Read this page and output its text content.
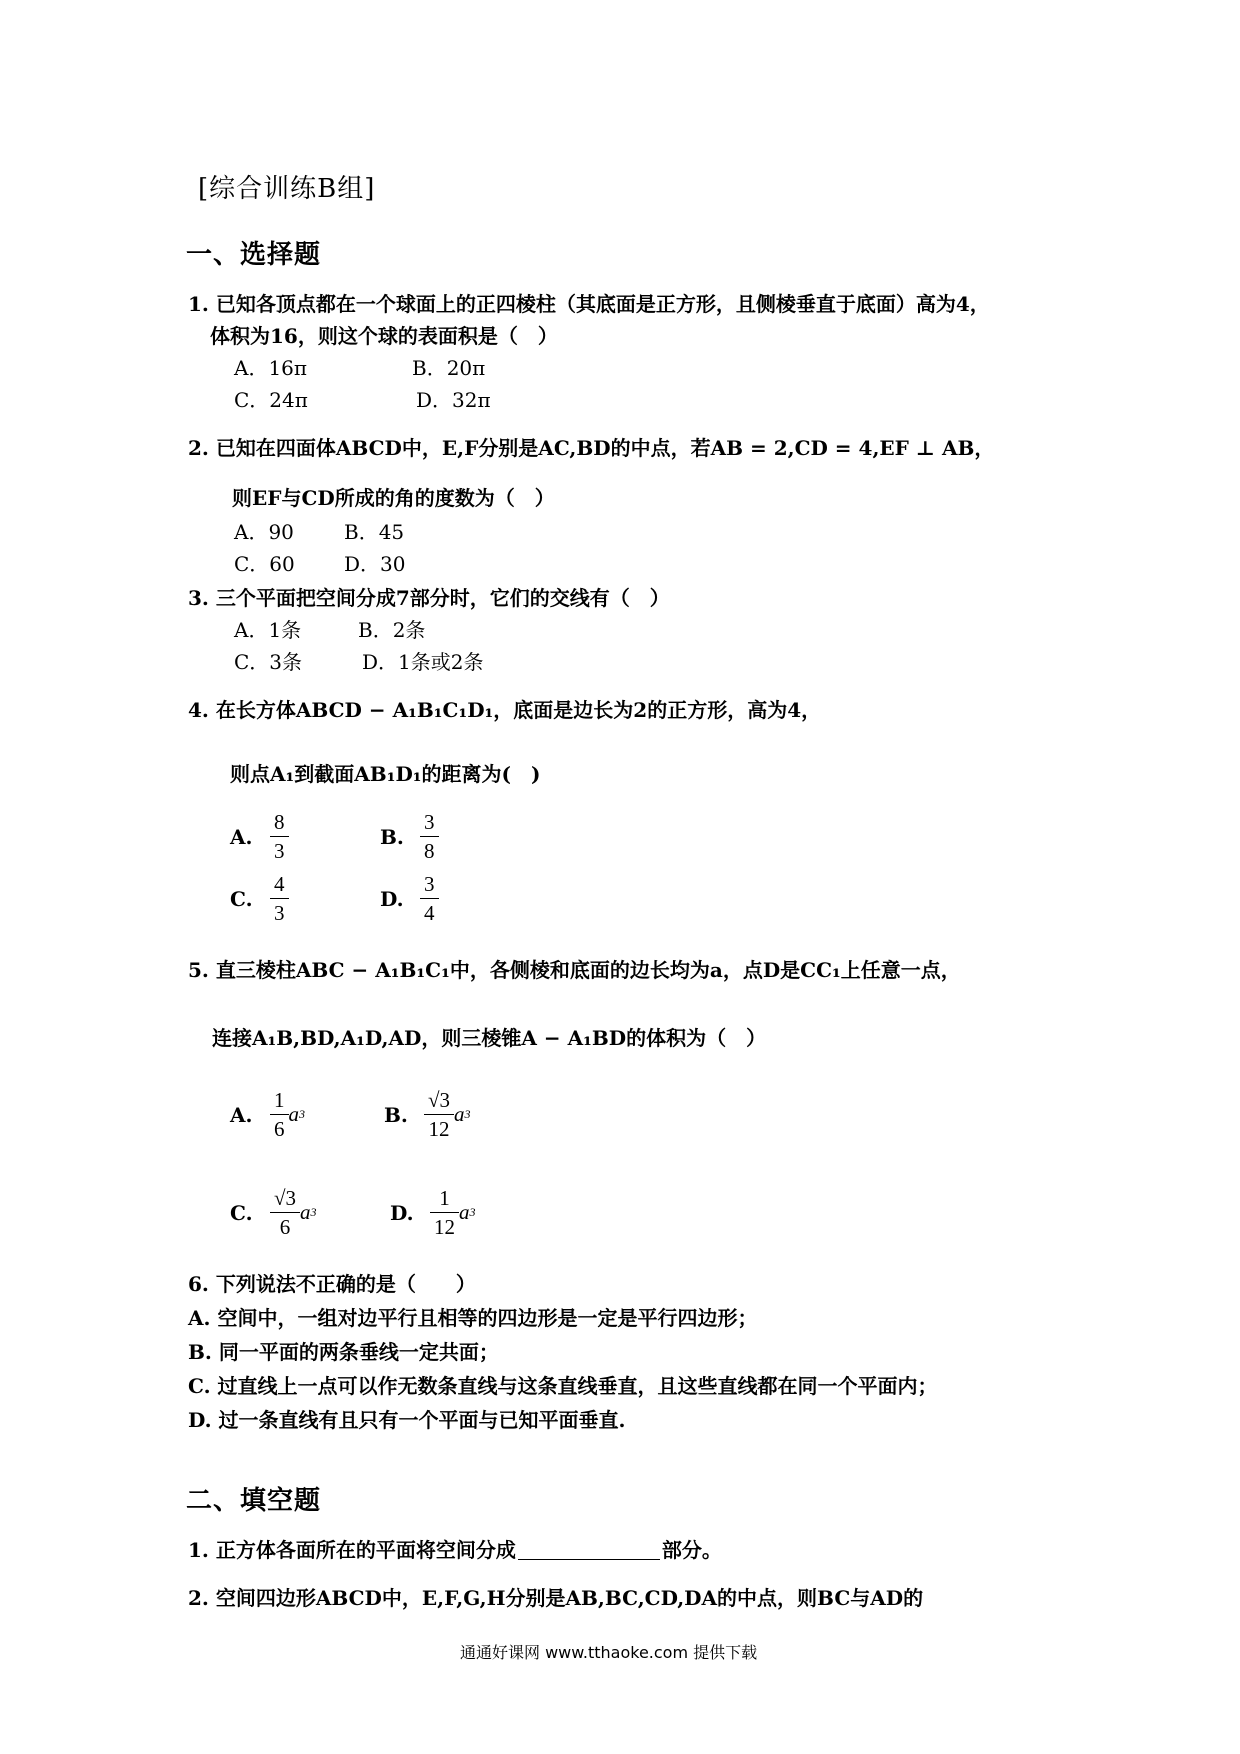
[综合训练B组]
一、选择题
1. 已知各顶点都在一个球面上的正四棱柱（其底面是正方形，且侧棱垂直于底面）高为4，
体积为16，则这个球的表面积是（　）
A．16π	B．20π
C．24π	D．32π
2. 已知在四面体ABCD中，E,F分别是AC,BD的中点，若AB = 2,CD = 4,EF ⊥ AB，
则EF与CD所成的角的度数为（　）
A．90	B．45
C．60 D．30
3. 三个平面把空间分成7部分时，它们的交线有（　）
A．1条	B．2条
C．3条	D．1条或2条
4. 在长方体ABCD − A₁B₁C₁D₁，底面是边长为2的正方形，高为4，
则点A₁到截面AB₁D₁的距离为(　)
A. $\frac{8}{3}$	B. $\frac{3}{8}$
C. $\frac{4}{3}$	D. $\frac{3}{4}$
5. 直三棱柱ABC − A₁B₁C₁中，各侧棱和底面的边长均为a，点D是CC₁上任意一点，
连接A₁B,BD,A₁D,AD，则三棱锥A − A₁BD的体积为（　）
A. $\frac{1}{6}$ a 3	B. $\frac{√3}{12}$ a 3
C. $\frac{√3}{6}$ a 3	D. $\frac{1}{12}$ a 3
6. 下列说法不正确的是（　　）
A. 空间中，一组对边平行且相等的四边形是一定是平行四边形；
B. 同一平面的两条垂线一定共面；
C. 过直线上一点可以作无数条直线与这条直线垂直，且这些直线都在同一个平面内；
D. 过一条直线有且只有一个平面与已知平面垂直.
二、填空题
1. 正方体各面所在的平面将空间分成	部分。
2. 空间四边形ABCD中，E,F,G,H分别是AB,BC,CD,DA的中点，则BC与AD的
通通好课网 www.tthaoke.com 提供下载
